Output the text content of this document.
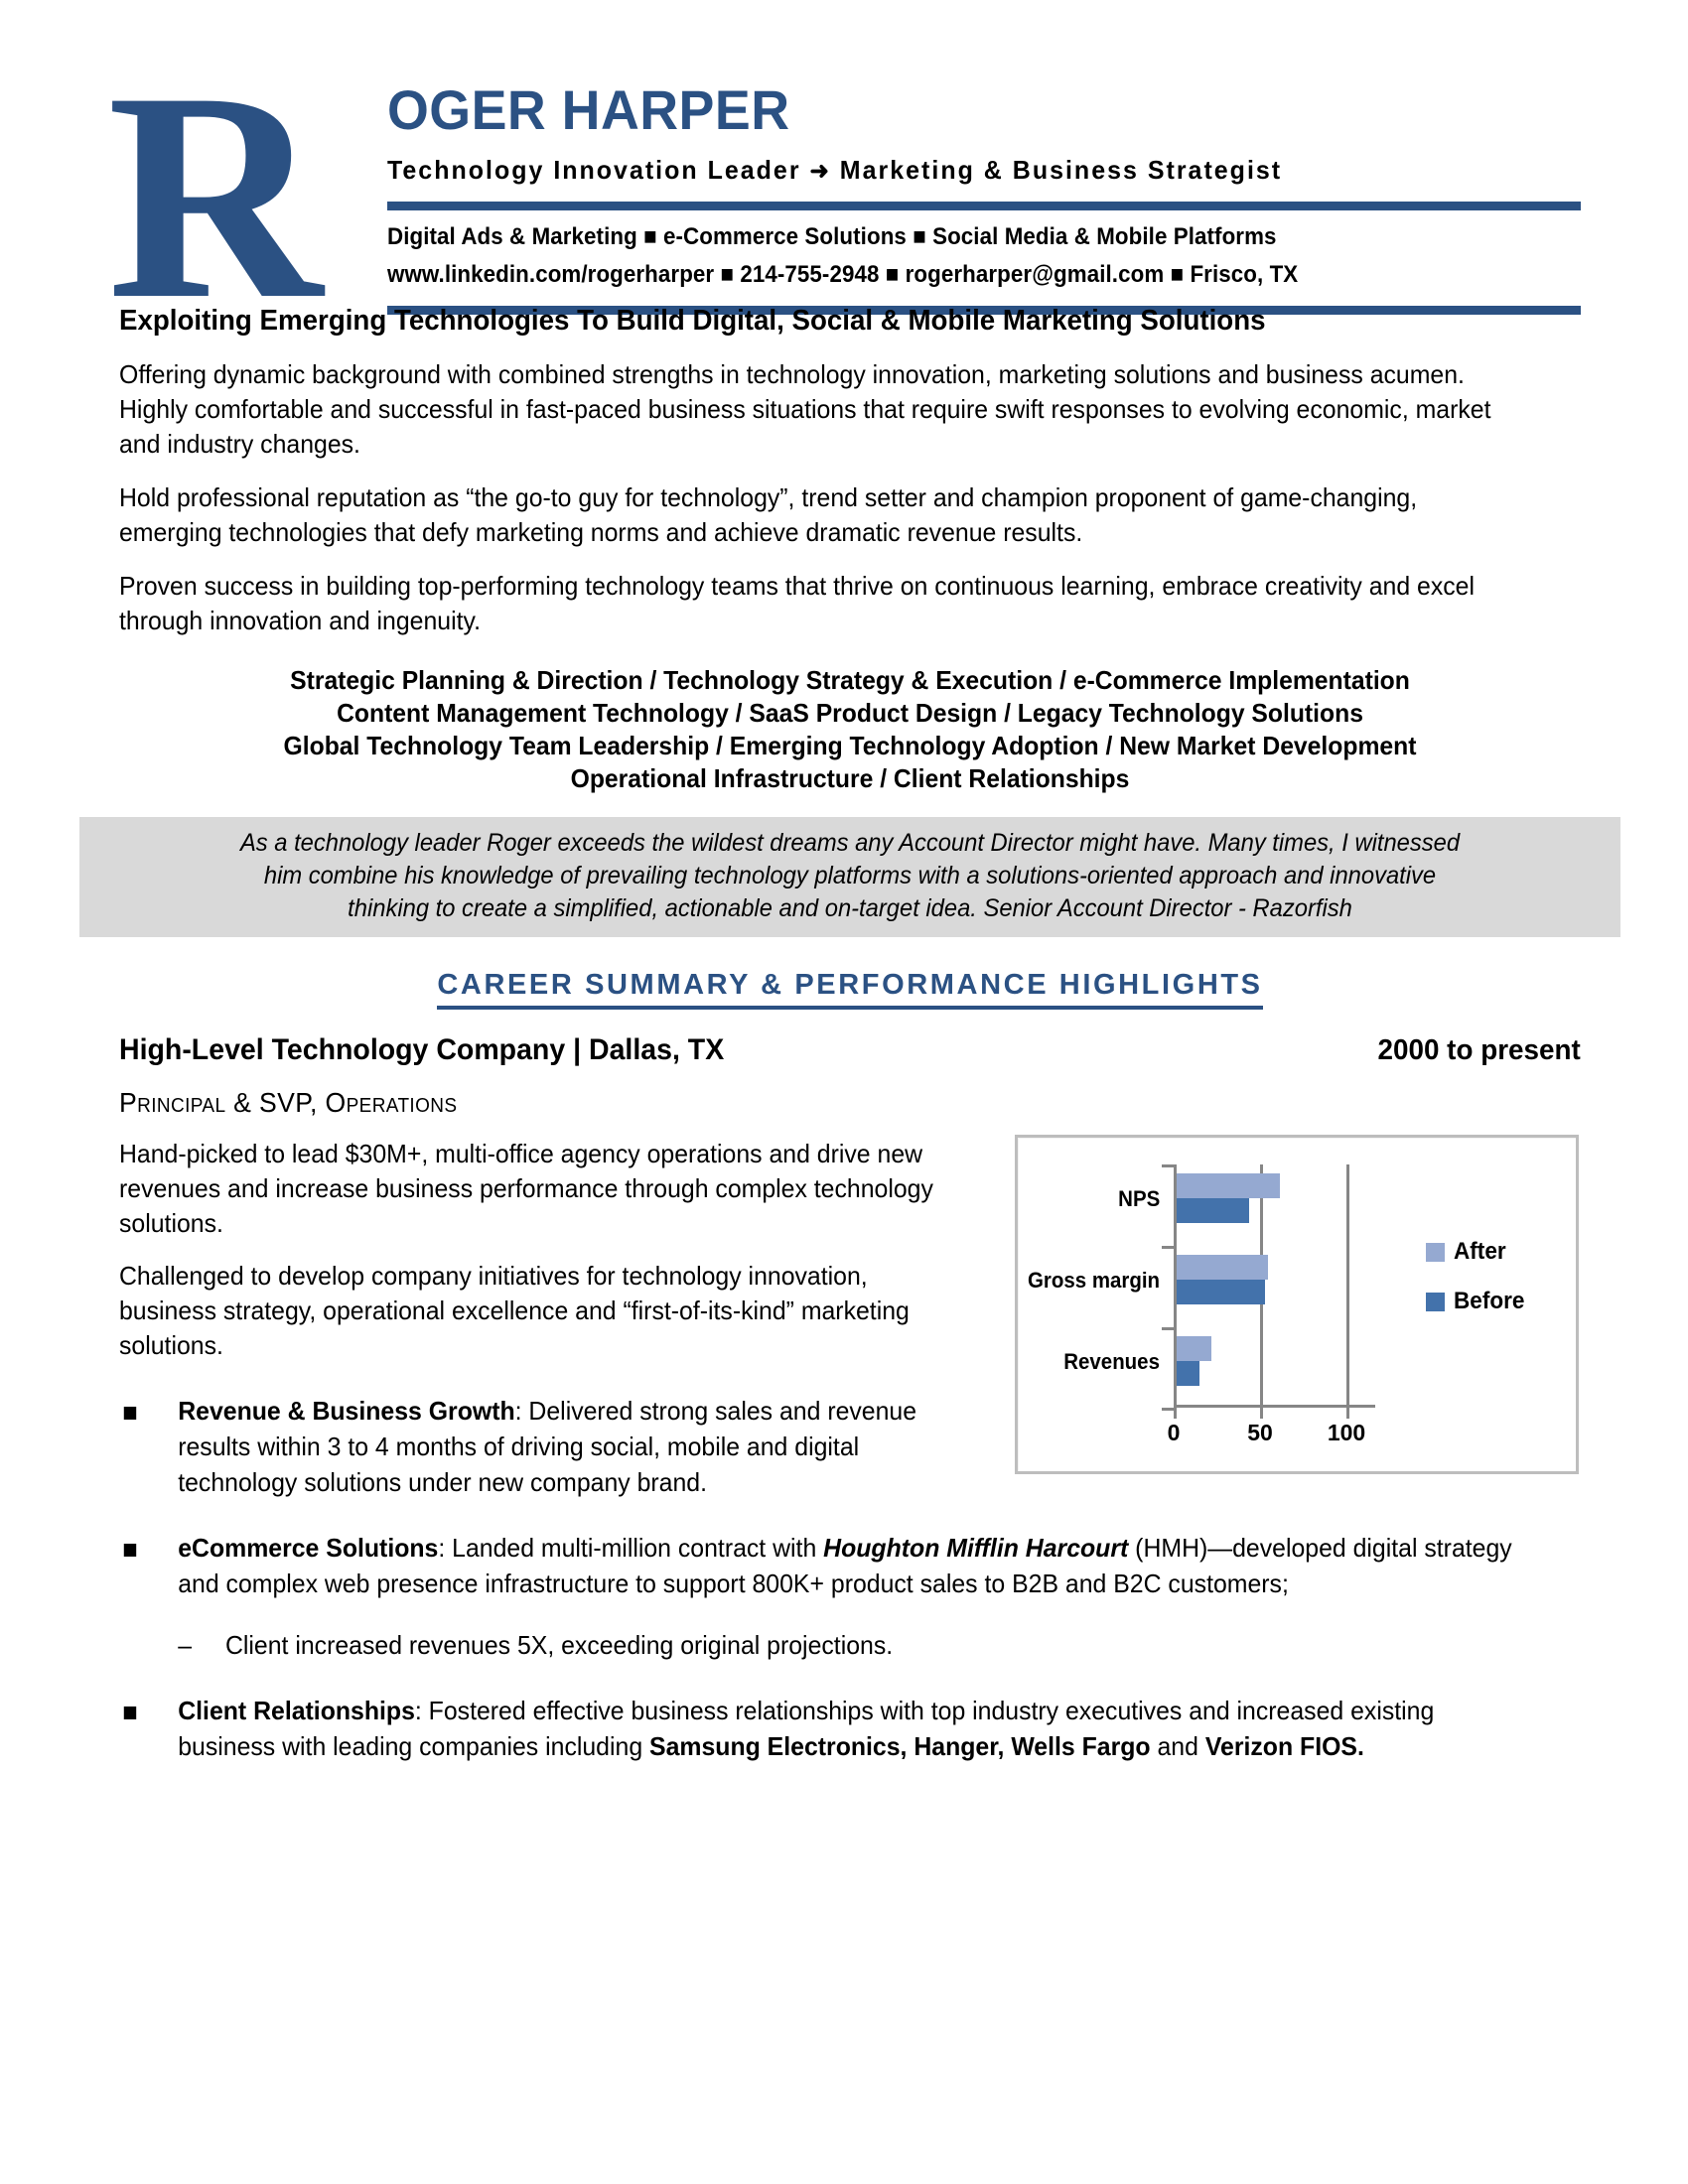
R OGER HARPER
Technology Innovation Leader ➜ Marketing & Business Strategist
Digital Ads & Marketing ■ e-Commerce Solutions ■ Social Media & Mobile Platforms
www.linkedin.com/rogerharper ■ 214-755-2948 ■ rogerharper@gmail.com ■ Frisco, TX
Exploiting Emerging Technologies To Build Digital, Social & Mobile Marketing Solutions
Offering dynamic background with combined strengths in technology innovation, marketing solutions and business acumen. Highly comfortable and successful in fast-paced business situations that require swift responses to evolving economic, market and industry changes.
Hold professional reputation as “the go-to guy for technology”, trend setter and champion proponent of game-changing, emerging technologies that defy marketing norms and achieve dramatic revenue results.
Proven success in building top-performing technology teams that thrive on continuous learning, embrace creativity and excel through innovation and ingenuity.
Strategic Planning & Direction / Technology Strategy & Execution / e-Commerce Implementation
Content Management Technology / SaaS Product Design / Legacy Technology Solutions
Global Technology Team Leadership / Emerging Technology Adoption / New Market Development
Operational Infrastructure / Client Relationships

As a technology leader Roger exceeds the wildest dreams any Account Director might have. Many times, I witnessed

him combine his knowledge of prevailing technology platforms with a solutions-oriented approach and innovative

thinking to create a simplified, actionable and on-target idea. Senior Account Director - Razorfish

CAREER SUMMARY & PERFORMANCE HIGHLIGHTS
High-Level Technology Company | Dallas, TX	2000 to present
Principal & SVP, Operations
NPS
Gross margin
Revenues
0	50 100
After
Before
Hand-picked to lead $30M+, multi-office agency operations and drive new revenues and increase business performance through complex technology solutions.
Challenged to develop company initiatives for technology innovation, business strategy, operational excellence and “first-of-its-kind” marketing solutions.
Revenue & Business Growth: Delivered strong sales and revenue results within 3 to 4 months of driving social, mobile and digital technology solutions under new company brand.
eCommerce Solutions: Landed multi-million contract with Houghton Mifflin Harcourt (HMH)—developed digital strategy and complex web presence infrastructure to support 800K+ product sales to B2B and B2C customers;
– Client increased revenues 5X, exceeding original projections.
Client Relationships: Fostered effective business relationships with top industry executives and increased existing business with leading companies including Samsung Electronics, Hanger, Wells Fargo and Verizon FIOS.
